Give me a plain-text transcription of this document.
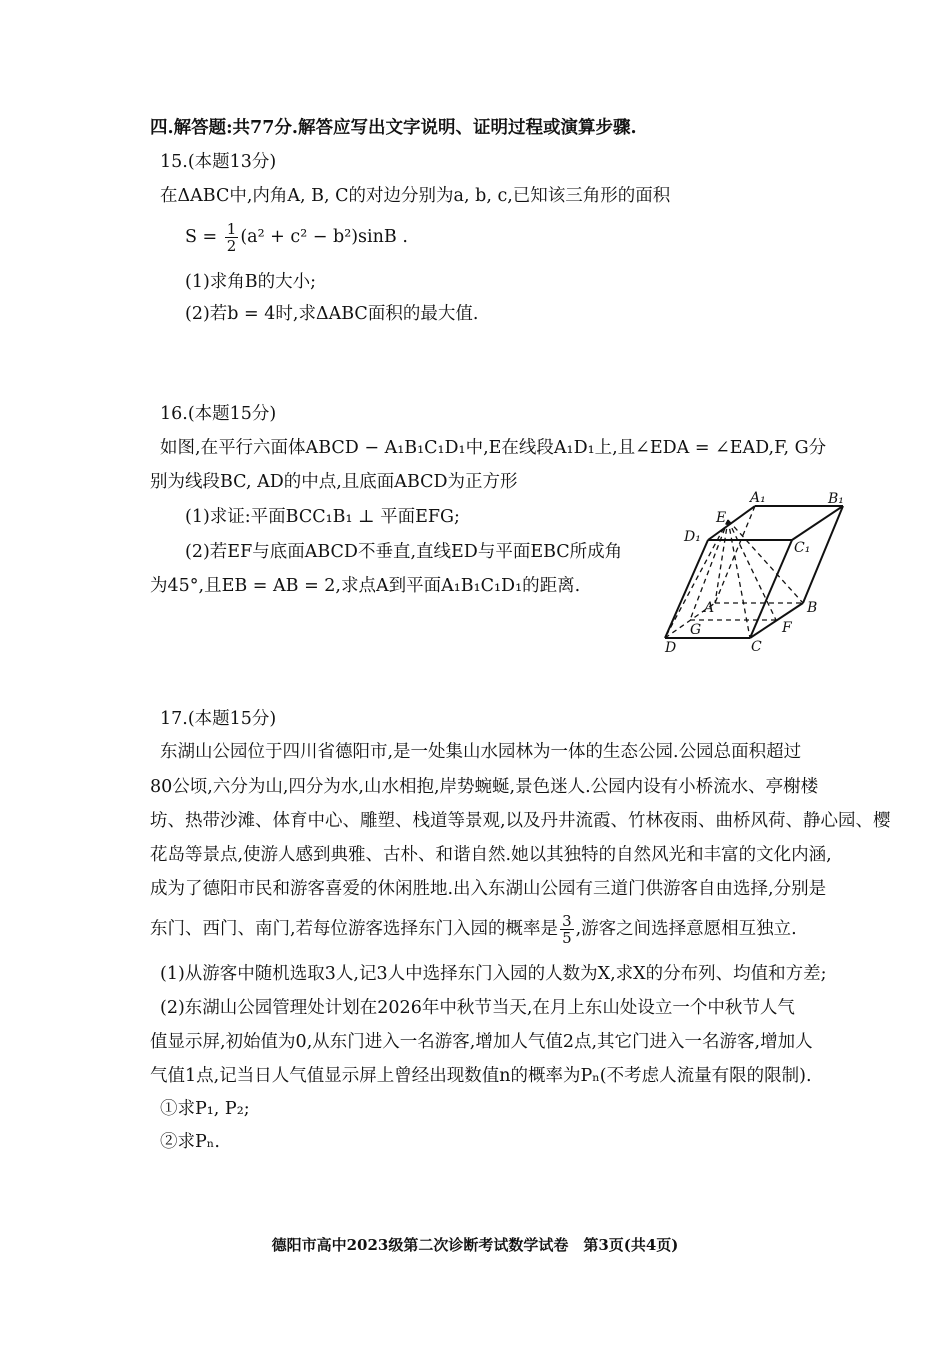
四.解答题:共77分.解答应写出文字说明、证明过程或演算步骤.
15.(本题13分)
在ΔABC中,内角A, B, C的对边分别为a, b, c,已知该三角形的面积
$S = \frac{1}{2} (a^2 + c^2 - b^2)\sin B$ .
(1)求角B的大小;
(2)若b = 4时,求ΔABC面积的最大值.
16.(本题15分)
如图,在平行六面体ABCD − A₁B₁C₁D₁中,E在线段A₁D₁上,且∠EDA = ∠EAD,F, G分
别为线段BC, AD的中点,且底面ABCD为正方形
(1)求证:平面BCC₁B₁ ⊥ 平面EFG;
(2)若EF与底面ABCD不垂直,直线ED与平面EBC所成角
为45°,且EB = AB = 2,求点A到平面A₁B₁C₁D₁的距离.
A₁	B₁
C₁
D₁
E
A	B
C
D
F
G
17.(本题15分)
东湖山公园位于四川省德阳市,是一处集山水园林为一体的生态公园.公园总面积超过
80公顷,六分为山,四分为水,山水相抱,岸势蜿蜒,景色迷人.公园内设有小桥流水、亭榭楼
坊、热带沙滩、体育中心、雕塑、栈道等景观,以及丹井流霞、竹林夜雨、曲桥风荷、静心园、樱
花岛等景点,使游人感到典雅、古朴、和谐自然.她以其独特的自然风光和丰富的文化内涵,
成为了德阳市民和游客喜爱的休闲胜地.出入东湖山公园有三道门供游客自由选择,分别是
东门、西门、南门,若每位游客选择东门入园的概率是 $\frac{3}{5}$ ,游客之间选择意愿相互独立.
(1)从游客中随机选取3人,记3人中选择东门入园的人数为X,求X的分布列、均值和方差;
(2)东湖山公园管理处计划在2026年中秋节当天,在月上东山处设立一个中秋节人气
值显示屏,初始值为0,从东门进入一名游客,增加人气值2点,其它门进入一名游客,增加人
气值1点,记当日人气值显示屏上曾经出现数值n的概率为Pₙ(不考虑人流量有限的限制).
①求P₁, P₂;
②求Pₙ.
德阳市高中2023级第二次诊断考试数学试卷　第3页(共4页)
